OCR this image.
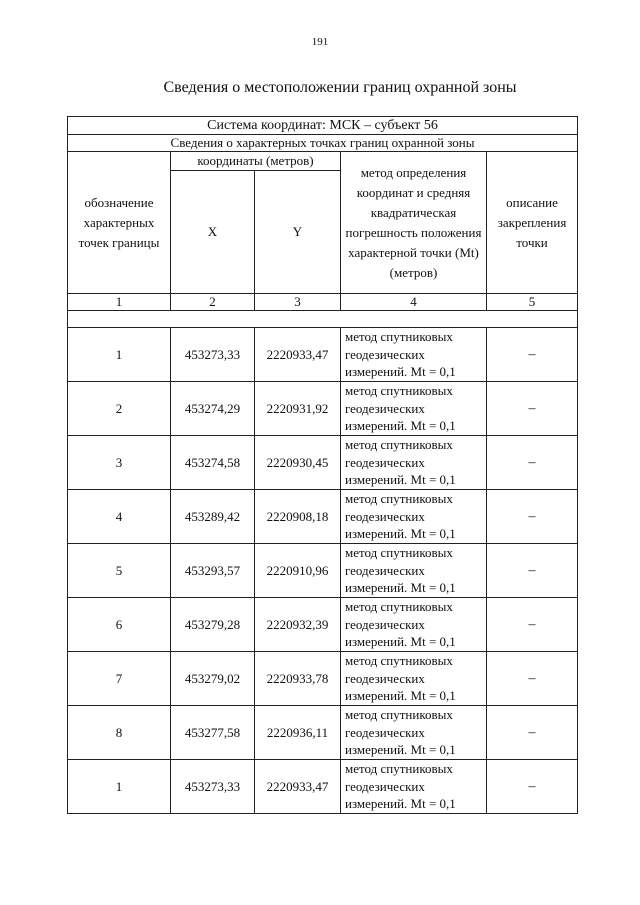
191
Сведения о местоположении границ охранной зоны
Система координат: МСК – субъект 56				
Сведения о характерных точках границ охранной зоны				
обозначение характерных точек границы	координаты (метров)		метод определения координат и средняя квадратическая погрешность положения характерной точки (Mt) (метров)	описание закрепления точки
	X	Y		
1	2	3	4	5

1	453273,33	2220933,47	метод спутниковых геодезических измерений. Mt = 0,1	–
2	453274,29	2220931,92	метод спутниковых геодезических измерений. Mt = 0,1	–
3	453274,58	2220930,45	метод спутниковых геодезических измерений. Mt = 0,1	–
4	453289,42	2220908,18	метод спутниковых геодезических измерений. Mt = 0,1	–
5	453293,57	2220910,96	метод спутниковых геодезических измерений. Mt = 0,1	–
6	453279,28	2220932,39	метод спутниковых геодезических измерений. Mt = 0,1	–
7	453279,02	2220933,78	метод спутниковых геодезических измерений. Mt = 0,1	–
8	453277,58	2220936,11	метод спутниковых геодезических измерений. Mt = 0,1	–
1	453273,33	2220933,47	метод спутниковых геодезических измерений. Mt = 0,1	–
